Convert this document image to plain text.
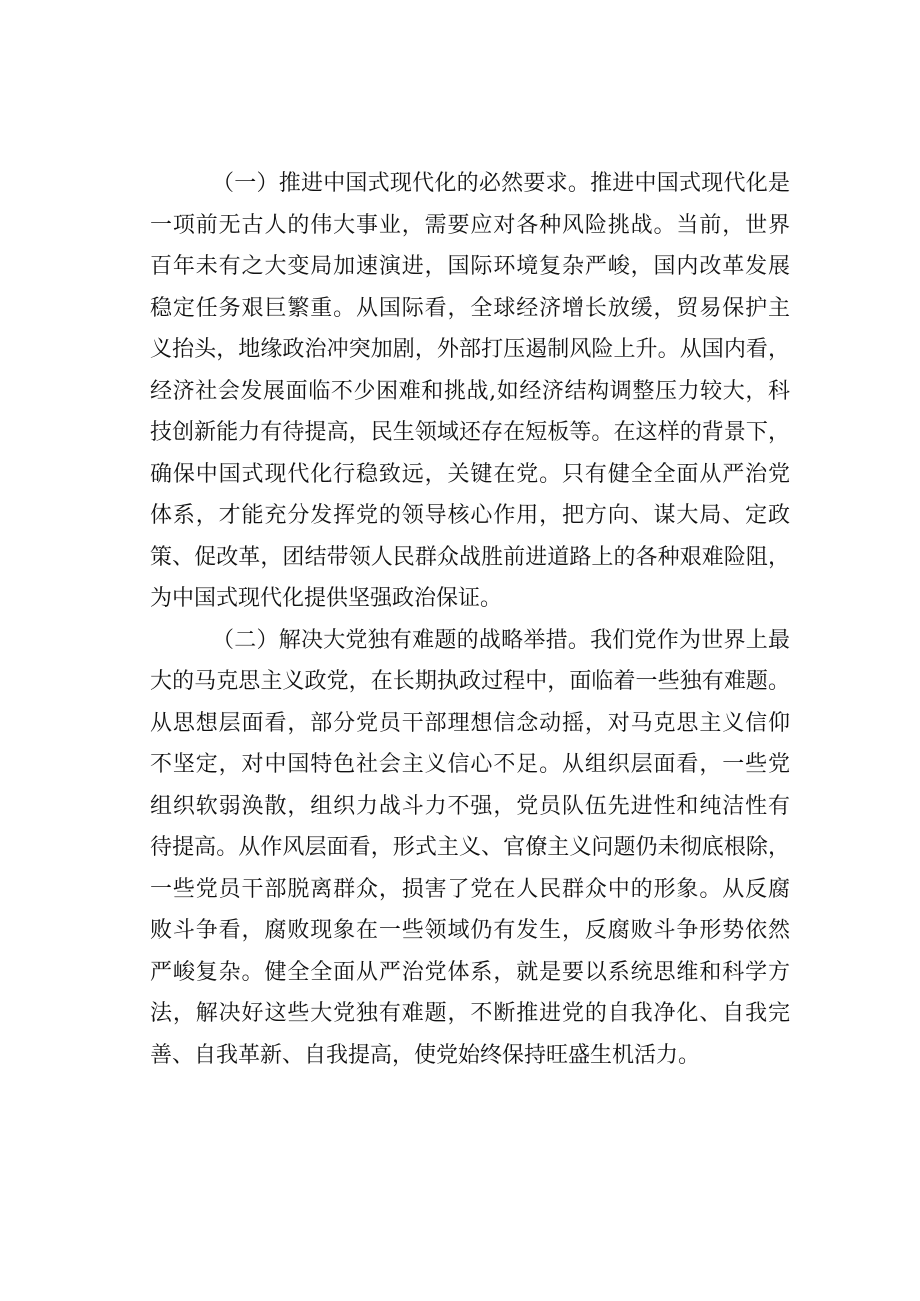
（一）推进中国式现代化的必然要求。推进中国式现代化是
一项前无古人的伟大事业，需要应对各种风险挑战。当前，世界
百年未有之大变局加速演进，国际环境复杂严峻，国内改革发展
稳定任务艰巨繁重。从国际看，全球经济增长放缓，贸易保护主
义抬头，地缘政治冲突加剧，外部打压遏制风险上升。从国内看，
经济社会发展面临不少困难和挑战,如经济结构调整压力较大，科
技创新能力有待提高，民生领域还存在短板等。在这样的背景下，
确保中国式现代化行稳致远，关键在党。只有健全全面从严治党
体系，才能充分发挥党的领导核心作用，把方向、谋大局、定政
策、促改革，团结带领人民群众战胜前进道路上的各种艰难险阻，
为中国式现代化提供坚强政治保证。
（二）解决大党独有难题的战略举措。我们党作为世界上最
大的马克思主义政党，在长期执政过程中，面临着一些独有难题。
从思想层面看，部分党员干部理想信念动摇，对马克思主义信仰
不坚定，对中国特色社会主义信心不足。从组织层面看，一些党
组织软弱涣散，组织力战斗力不强，党员队伍先进性和纯洁性有
待提高。从作风层面看，形式主义、官僚主义问题仍未彻底根除，
一些党员干部脱离群众，损害了党在人民群众中的形象。从反腐
败斗争看，腐败现象在一些领域仍有发生，反腐败斗争形势依然
严峻复杂。健全全面从严治党体系，就是要以系统思维和科学方
法，解决好这些大党独有难题，不断推进党的自我净化、自我完
善、自我革新、自我提高，使党始终保持旺盛生机活力。
